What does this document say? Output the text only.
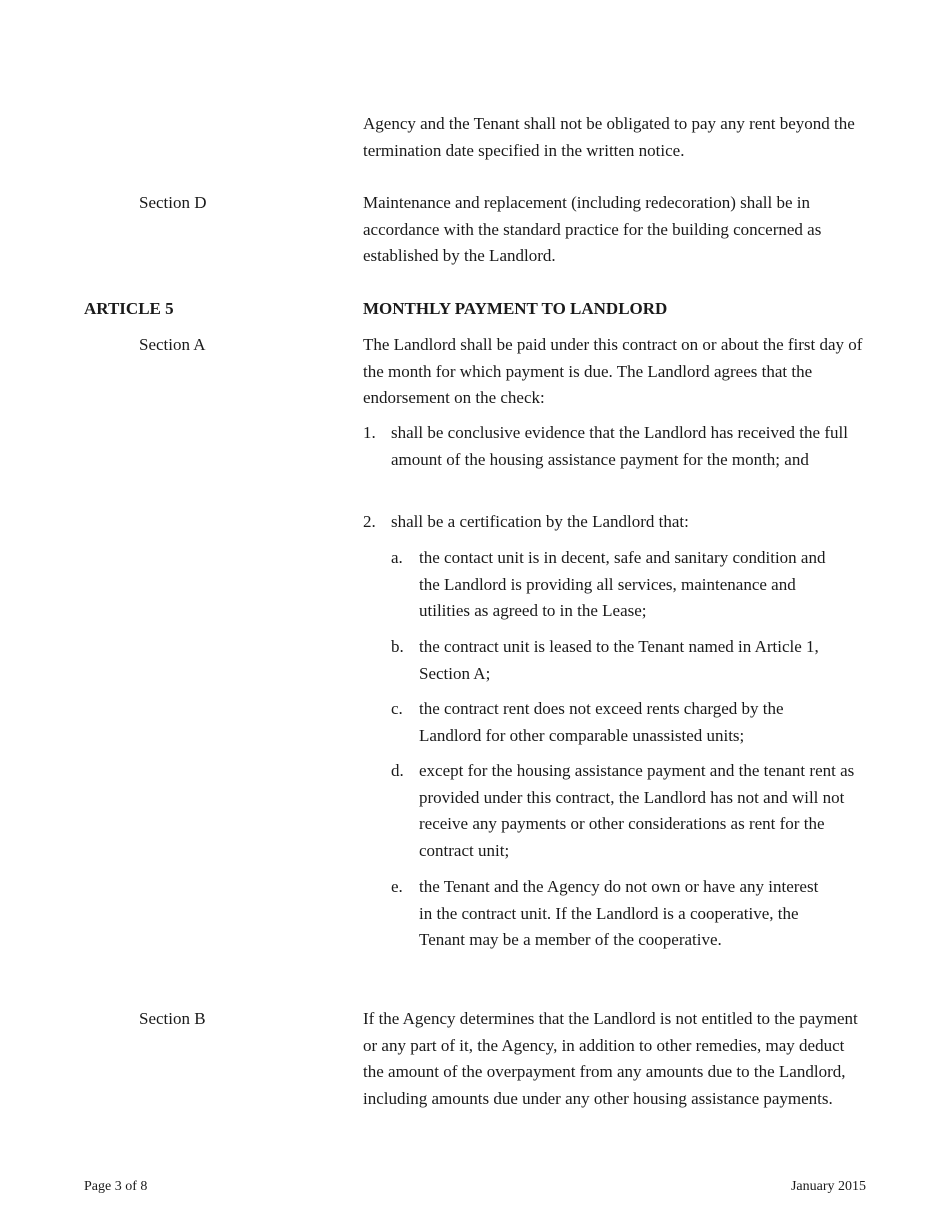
Agency and the Tenant shall not be obligated to pay any rent beyond the termination date specified in the written notice.

Section D	Maintenance and replacement (including redecoration) shall be in accordance with the standard practice for the building concerned as established by the Landlord.

ARTICLE 5	MONTHLY PAYMENT TO LANDLORD
Section A	The Landlord shall be paid under this contract on or about the first day of the month for which payment is due. The Landlord agrees that the endorsement on the check:

1. shall be conclusive evidence that the Landlord has received the full amount of the housing assistance payment for the month; and

2. shall be a certification by the Landlord that:

a. the contact unit is in decent, safe and sanitary condition and the Landlord is providing all services, maintenance and utilities as agreed to in the Lease;

b. the contract unit is leased to the Tenant named in Article 1, Section A;

c. the contract rent does not exceed rents charged by the Landlord for other comparable unassisted units;

d. except for the housing assistance payment and the tenant rent as provided under this contract, the Landlord has not and will not receive any payments or other considerations as rent for the contract unit;

e. the Tenant and the Agency do not own or have any interest in the contract unit. If the Landlord is a cooperative, the Tenant may be a member of the cooperative.

Section B	If the Agency determines that the Landlord is not entitled to the payment or any part of it, the Agency, in addition to other remedies, may deduct the amount of the overpayment from any amounts due to the Landlord, including amounts due under any other housing assistance payments.

Page 3 of 8	January 2015
